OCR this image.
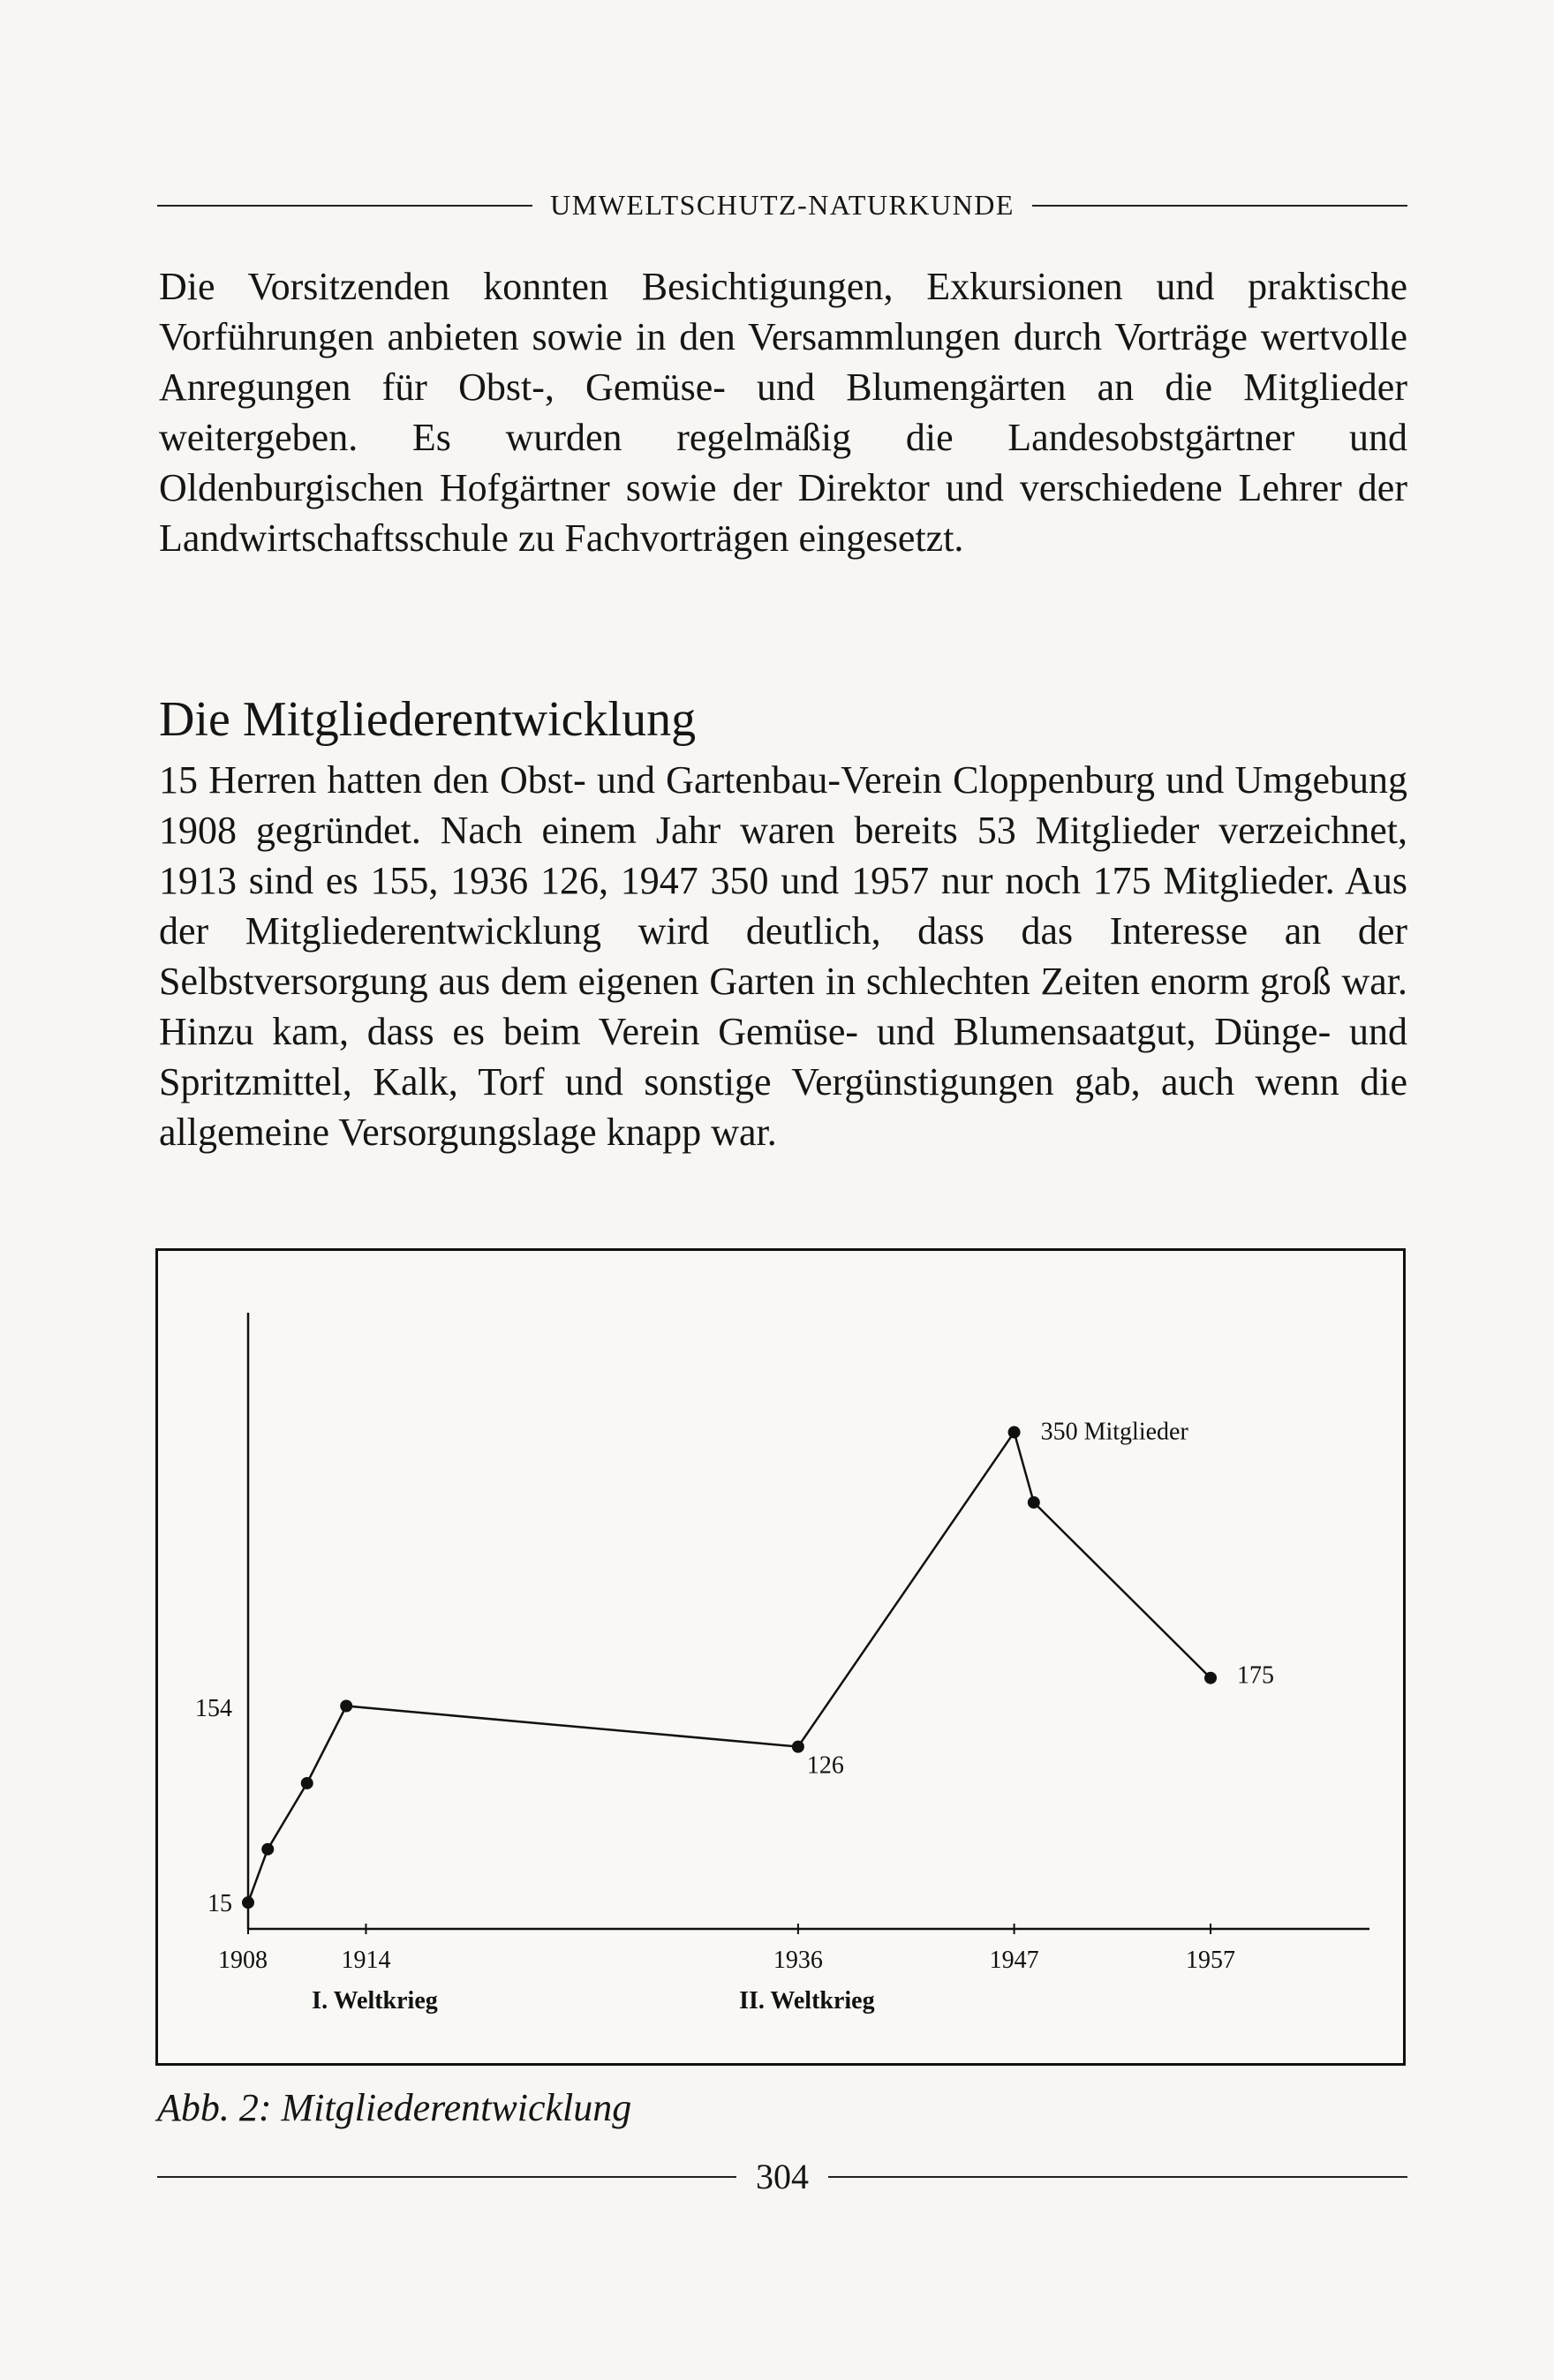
UMWELTSCHUTZ-NATURKUNDE

Die Vorsitzenden konnten Besichtigungen, Exkursionen und praktische Vorführungen anbieten sowie in den Versammlungen durch Vorträge wertvolle Anregungen für Obst-, Gemüse- und Blumengärten an die Mitglieder weitergeben. Es wurden regelmäßig die Landesobstgärtner und Oldenburgischen Hofgärtner sowie der Direktor und verschiedene Lehrer der Landwirtschaftsschule zu Fachvorträgen eingesetzt.

Die Mitgliederentwicklung

15 Herren hatten den Obst- und Gartenbau-Verein Cloppenburg und Umgebung 1908 gegründet. Nach einem Jahr waren bereits 53 Mitglieder verzeichnet, 1913 sind es 155, 1936 126, 1947 350 und 1957 nur noch 175 Mitglieder. Aus der Mitgliederentwicklung wird deutlich, dass das Interesse an der Selbstversorgung aus dem eigenen Garten in schlechten Zeiten enorm groß war. Hinzu kam, dass es beim Verein Gemüse- und Blumensaatgut, Dünge- und Spritzmittel, Kalk, Torf und sonstige Vergünstigungen gab, auch wenn die allgemeine Versorgungslage knapp war.

1908	1914	1936	1947	1957
15
154
126
350 Mitglieder
175
I. Weltkrieg	II. Weltkrieg

Abb. 2: Mitgliederentwicklung

304
